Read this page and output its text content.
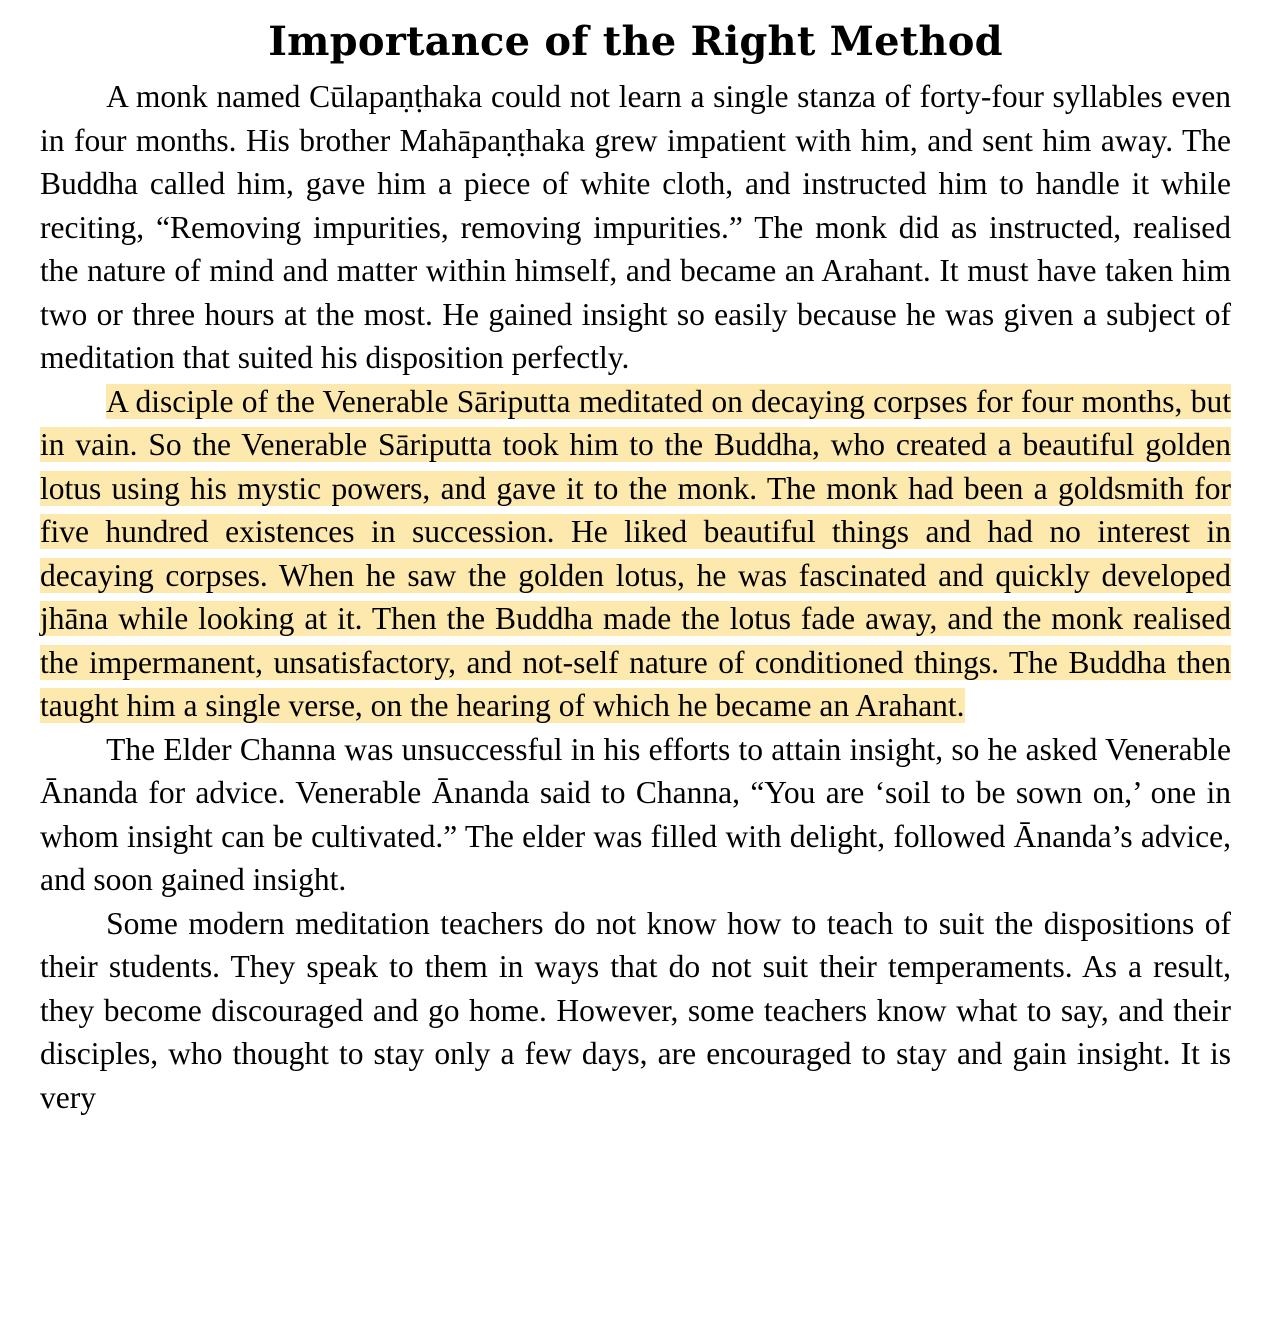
Importance of the Right Method

A monk named Cūlapaṇṭhaka could not learn a single stanza of forty-four syllables even in four months. His brother Mahāpaṇṭhaka grew impatient with him, and sent him away. The Buddha called him, gave him a piece of white cloth, and instructed him to handle it while reciting, “Removing impurities, removing impurities.” The monk did as instructed, realised the nature of mind and matter within himself, and became an Arahant. It must have taken him two or three hours at the most. He gained insight so easily because he was given a subject of meditation that suited his disposition perfectly.

A disciple of the Venerable Sāriputta meditated on decaying corpses for four months, but in vain. So the Venerable Sāriputta took him to the Buddha, who created a beautiful golden lotus using his mystic powers, and gave it to the monk. The monk had been a goldsmith for five hundred existences in succession. He liked beautiful things and had no interest in decaying corpses. When he saw the golden lotus, he was fascinated and quickly developed jhāna while looking at it. Then the Buddha made the lotus fade away, and the monk realised the impermanent, unsatisfactory, and not-self nature of conditioned things. The Buddha then taught him a single verse, on the hearing of which he became an Arahant.

The Elder Channa was unsuccessful in his efforts to attain insight, so he asked Venerable Ānanda for advice. Venerable Ānanda said to Channa, “You are ‘soil to be sown on,’ one in whom insight can be cultivated.” The elder was filled with delight, followed Ānanda’s advice, and soon gained insight.

Some modern meditation teachers do not know how to teach to suit the dispositions of their students. They speak to them in ways that do not suit their temperaments. As a result, they become discouraged and go home. However, some teachers know what to say, and their disciples, who thought to stay only a few days, are encouraged to stay and gain insight. It is very
